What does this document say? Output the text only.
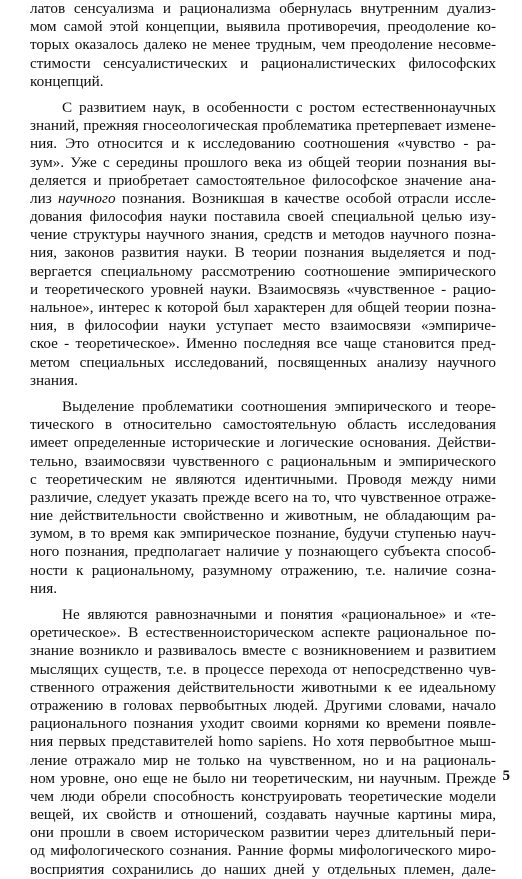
латов сенсуализма и рационализма обернулась внутренним дуализ-
мом самой этой концепции, выявила противоречия, преодоление ко-
торых оказалось далеко не менее трудным, чем преодоление несовме-
стимости сенсуалистических и рационалистических философских
концепций.
С развитием наук, в особенности с ростом естественнонаучных
знаний, прежняя гносеологическая проблематика претерпевает измене-
ния. Это относится и к исследованию соотношения «чувство - ра-
зум». Уже с середины прошлого века из общей теории познания вы-
деляется и приобретает самостоятельное философское значение ана-
лиз научного познания. Возникшая в качестве особой отрасли иссле-
дования философия науки поставила своей специальной целью изу-
чение структуры научного знания, средств и методов научного позна-
ния, законов развития науки. В теории познания выделяется и под-
вергается специальному рассмотрению соотношение эмпирического
и теоретического уровней науки. Взаимосвязь «чувственное - рацио-
нальное», интерес к которой был характерен для общей теории позна-
ния, в философии науки уступает место взаимосвязи «эмпириче-
ское - теоретическое». Именно последняя все чаще становится пред-
метом специальных исследований, посвященных анализу научного
знания.
Выделение проблематики соотношения эмпирического и теоре-
тического в относительно самостоятельную область исследования
имеет определенные исторические и логические основания. Действи-
тельно, взаимосвязи чувственного с рациональным и эмпирического
с теоретическим не являются идентичными. Проводя между ними
различие, следует указать прежде всего на то, что чувственное отраже-
ние действительности свойственно и животным, не обладающим ра-
зумом, в то время как эмпирическое познание, будучи ступенью науч-
ного познания, предполагает наличие у познающего субъекта способ-
ности к рациональному, разумному отражению, т.е. наличие созна-
ния.
Не являются равнозначными и понятия «рациональное» и «те-
оретическое». В естественноисторическом аспекте рациональное по-
знание возникло и развивалось вместе с возникновением и развитием
мыслящих существ, т.е. в процессе перехода от непосредственно чув-
ственного отражения действительности животными к ее идеальному
отражению в головах первобытных людей. Другими словами, начало
рационального познания уходит своими корнями ко времени появле-
ния первых представителей homo sapiens. Но хотя первобытное мыш-
ление отражало мир не только на чувственном, но и на рациональ-
ном уровне, оно еще не было ни теоретическим, ни научным. Прежде
чем люди обрели способность конструировать теоретические модели
вещей, их свойств и отношений, создавать научные картины мира,
они прошли в своем историческом развитии через длительный пери-
од мифологического сознания. Ранние формы мифологического миро-
восприятия сохранились до наших дней у отдельных племен, дале-
5
